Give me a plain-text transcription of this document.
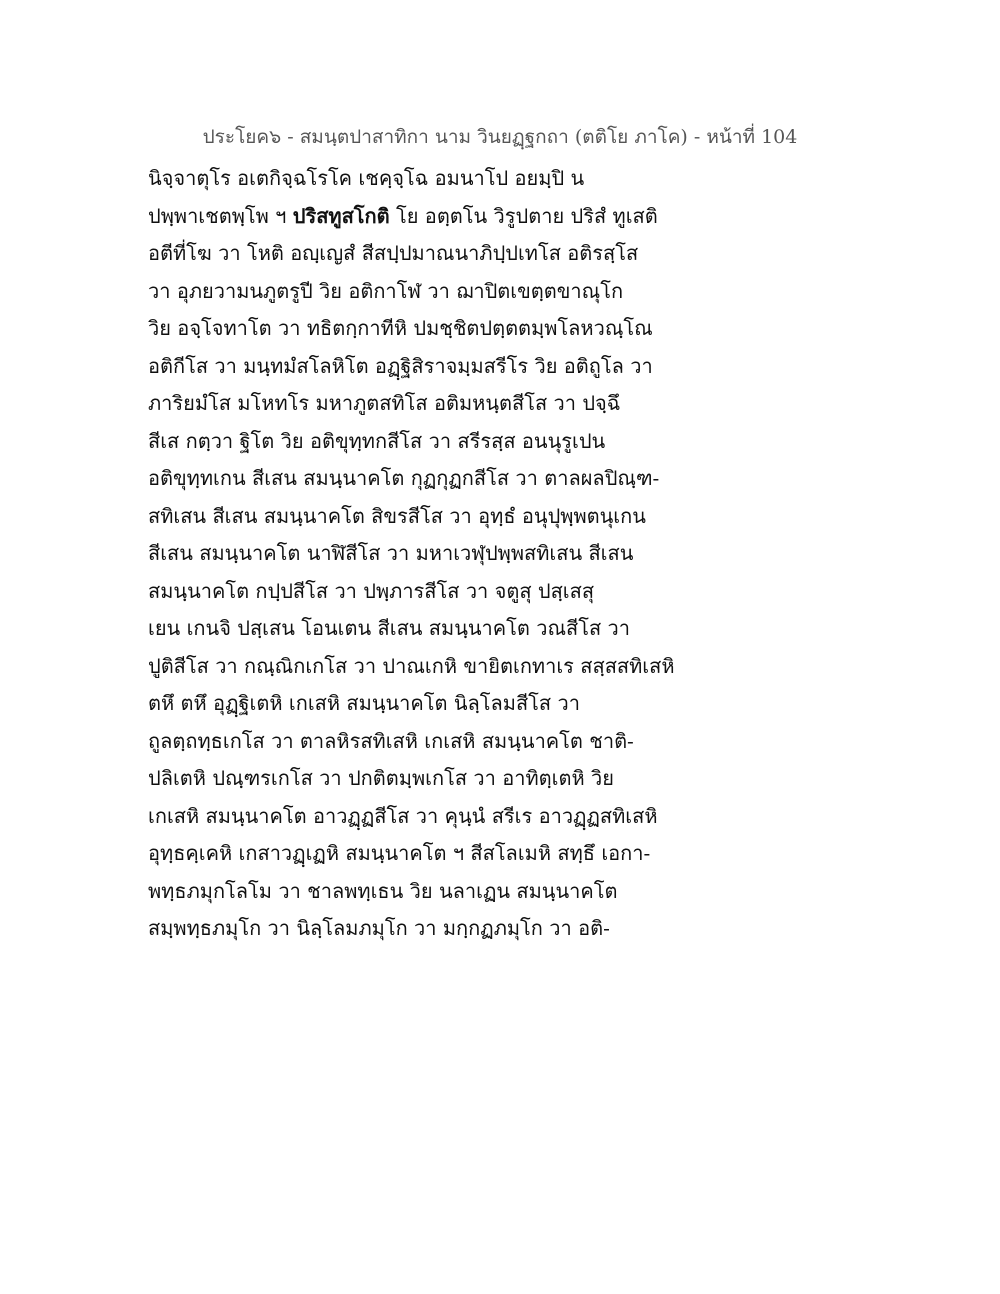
ประโยค๖ - สมนฺตปาสาทิกา นาม วินยฏฺฐกถา (ตติโย ภาโค) - หน้าที่ 104
นิจฺจาตุโร อเตกิจฺฉโรโค เชคฺจฺโฉ อมนาโป อยมฺปิ น
ปพฺพาเชตพฺโพ ฯ ปริสทูสโกติ โย อตฺตโน วิรูปตาย ปริสํ ทูเสติ
อตีที่โฆ วา โหติ อญฺเญสํ สีสปฺปมาณนาภิปฺปเทโส อติรสฺโส
วา อุภยวามนภูตรูปี วิย อติกาโฬ วา ฌาปิตเขตฺตขาณุโก
วิย อจฺโจทาโต วา ทธิตกฺกาทีหิ ปมชฺชิตปตฺตตมฺพโลหวณฺโณ
อติกีโส วา มนฺทมํสโลหิโต อฏฺฐิสิราจมฺมสรีโร วิย อติถูโล วา
ภาริยมํโส มโหทโร มหาภูตสทิโส อติมหนฺตสีโส วา ปจฺฉึ
สีเส กตฺวา ฐิโต วิย อติขุทฺทกสีโส วา สรีรสฺส อนนุรูเปน
อติขุทฺทเกน สีเสน สมนฺนาคโต กุฏกุฏกสีโส วา ตาลผลปิณฺฑ-
สทิเสน สีเสน สมนฺนาคโต สิขรสีโส วา อุทฺธํ อนุปุพฺพตนุเกน
สีเสน สมนฺนาคโต นาฬิสีโส วา มหาเวฬุปพฺพสทิเสน สีเสน
สมนฺนาคโต กปฺปสีโส วา ปพฺภารสีโส วา จตูสุ ปสฺเสสุ
เยน เกนจิ ปสฺเสน โอนเตน สีเสน สมนฺนาคโต วณสีโส วา
ปูติสีโส วา กณฺณิกเกโส วา ปาณเกหิ ขายิตเกทาเร สสฺสสทิเสหิ
ตหึ ตหึ อุฏฺฐิเตหิ เกเสหิ สมนฺนาคโต นิลฺโลมสีโส วา
ถูลตฺถทฺธเกโส วา ตาลหิรสทิเสหิ เกเสหิ สมนฺนาคโต ชาติ-
ปลิเตหิ ปณฺฑรเกโส วา ปกติตมฺพเกโส วา อาทิตฺเตหิ วิย
เกเสหิ สมนฺนาคโต อาวฏฺฏสีโส วา คุนฺนํ สรีเร อาวฏฺฏสทิเสหิ
อุทฺธคฺเคหิ เกสาวฏฺเฏหิ สมนฺนาคโต ฯ สีสโลเมหิ สทฺธึ เอกา-
พทฺธภมุกโลโม วา ชาลพทฺเธน วิย นลาเฏน สมนฺนาคโต
สมฺพทฺธภมุโก วา นิลฺโลมภมุโก วา มกฺกฏภมุโก วา อติ-
